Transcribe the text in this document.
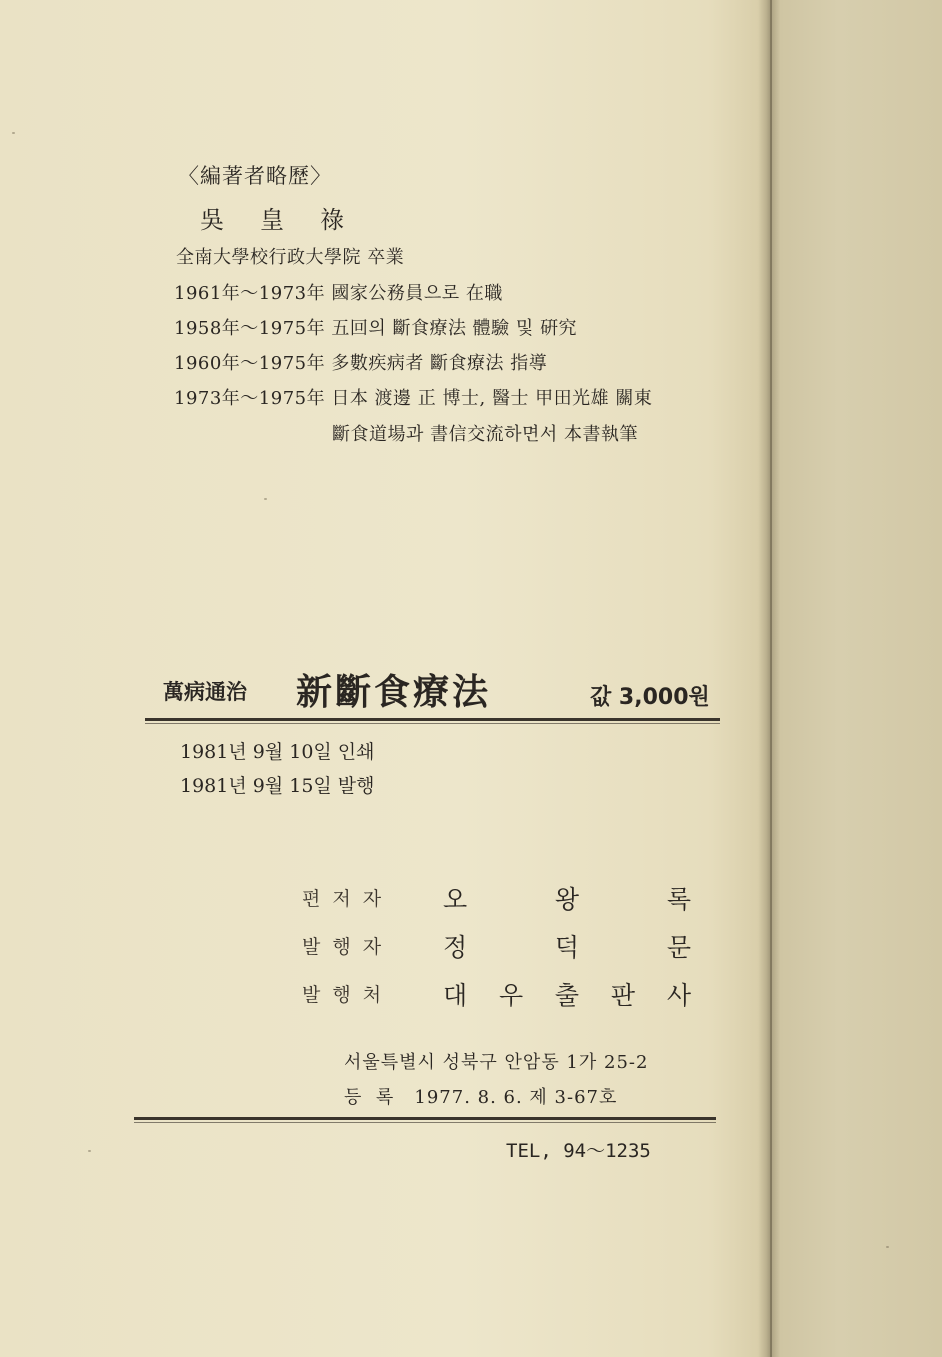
〈編著者略歷〉
吳皇祿
全南大學校行政大學院 卒業
1961年〜1973年 國家公務員으로 在職
1958年〜1975年 五回의 斷食療法 體驗 및 硏究
1960年〜1975年 多數疾病者 斷食療法 指導
1973年〜1975年 日本 渡邊 正 博士, 醫士 甲田光雄 關東
斷食道場과 書信交流하면서 本書執筆
萬病通治 新斷食療法	값 3,000원
1981년 9월 10일 인쇄
1981년 9월 15일 발행
편저자 오	왕	록
발행자 정	덕	문
발행처 대 우 출 판 사
서울특별시 성북구 안암동 1가 25-2
등  록   1977. 8. 6. 제 3-67호
TEL, 94〜1235
